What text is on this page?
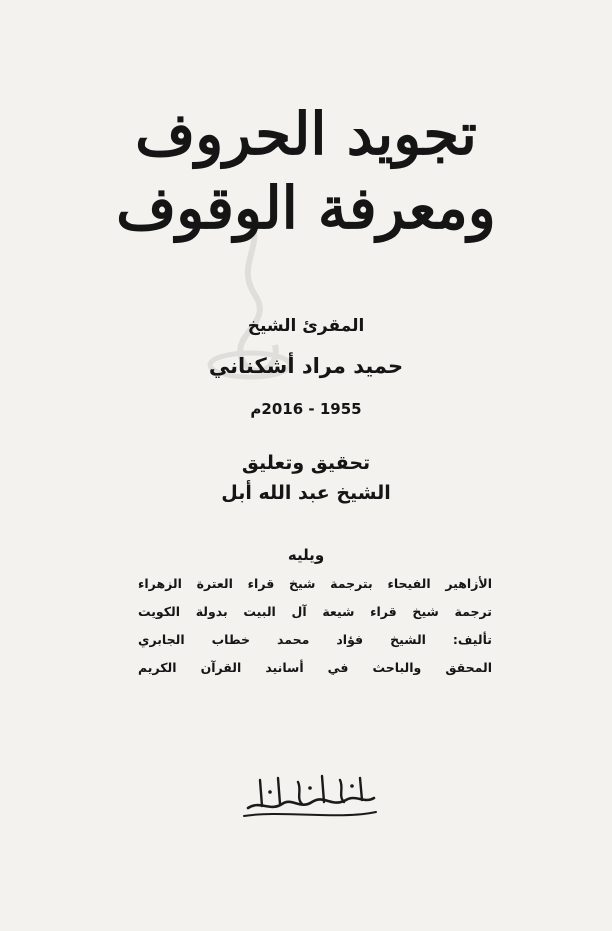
تجويد الحروف
ومعرفة الوقوف
المقرئ الشيخ
حميد مراد أشكناني
1955 - 2016م
تحقيق وتعليق
الشيخ عبد الله أبل
ويليه
الأزاهير الفيحاء بترجمة شيخ قراء العترة الزهراء
ترجمة شيخ قراء شيعة آل البيت بدولة الكويت
تأليف: الشيخ فؤاد محمد خطاب الجابري
المحقق والباحث في أسانيد القرآن الكريم
